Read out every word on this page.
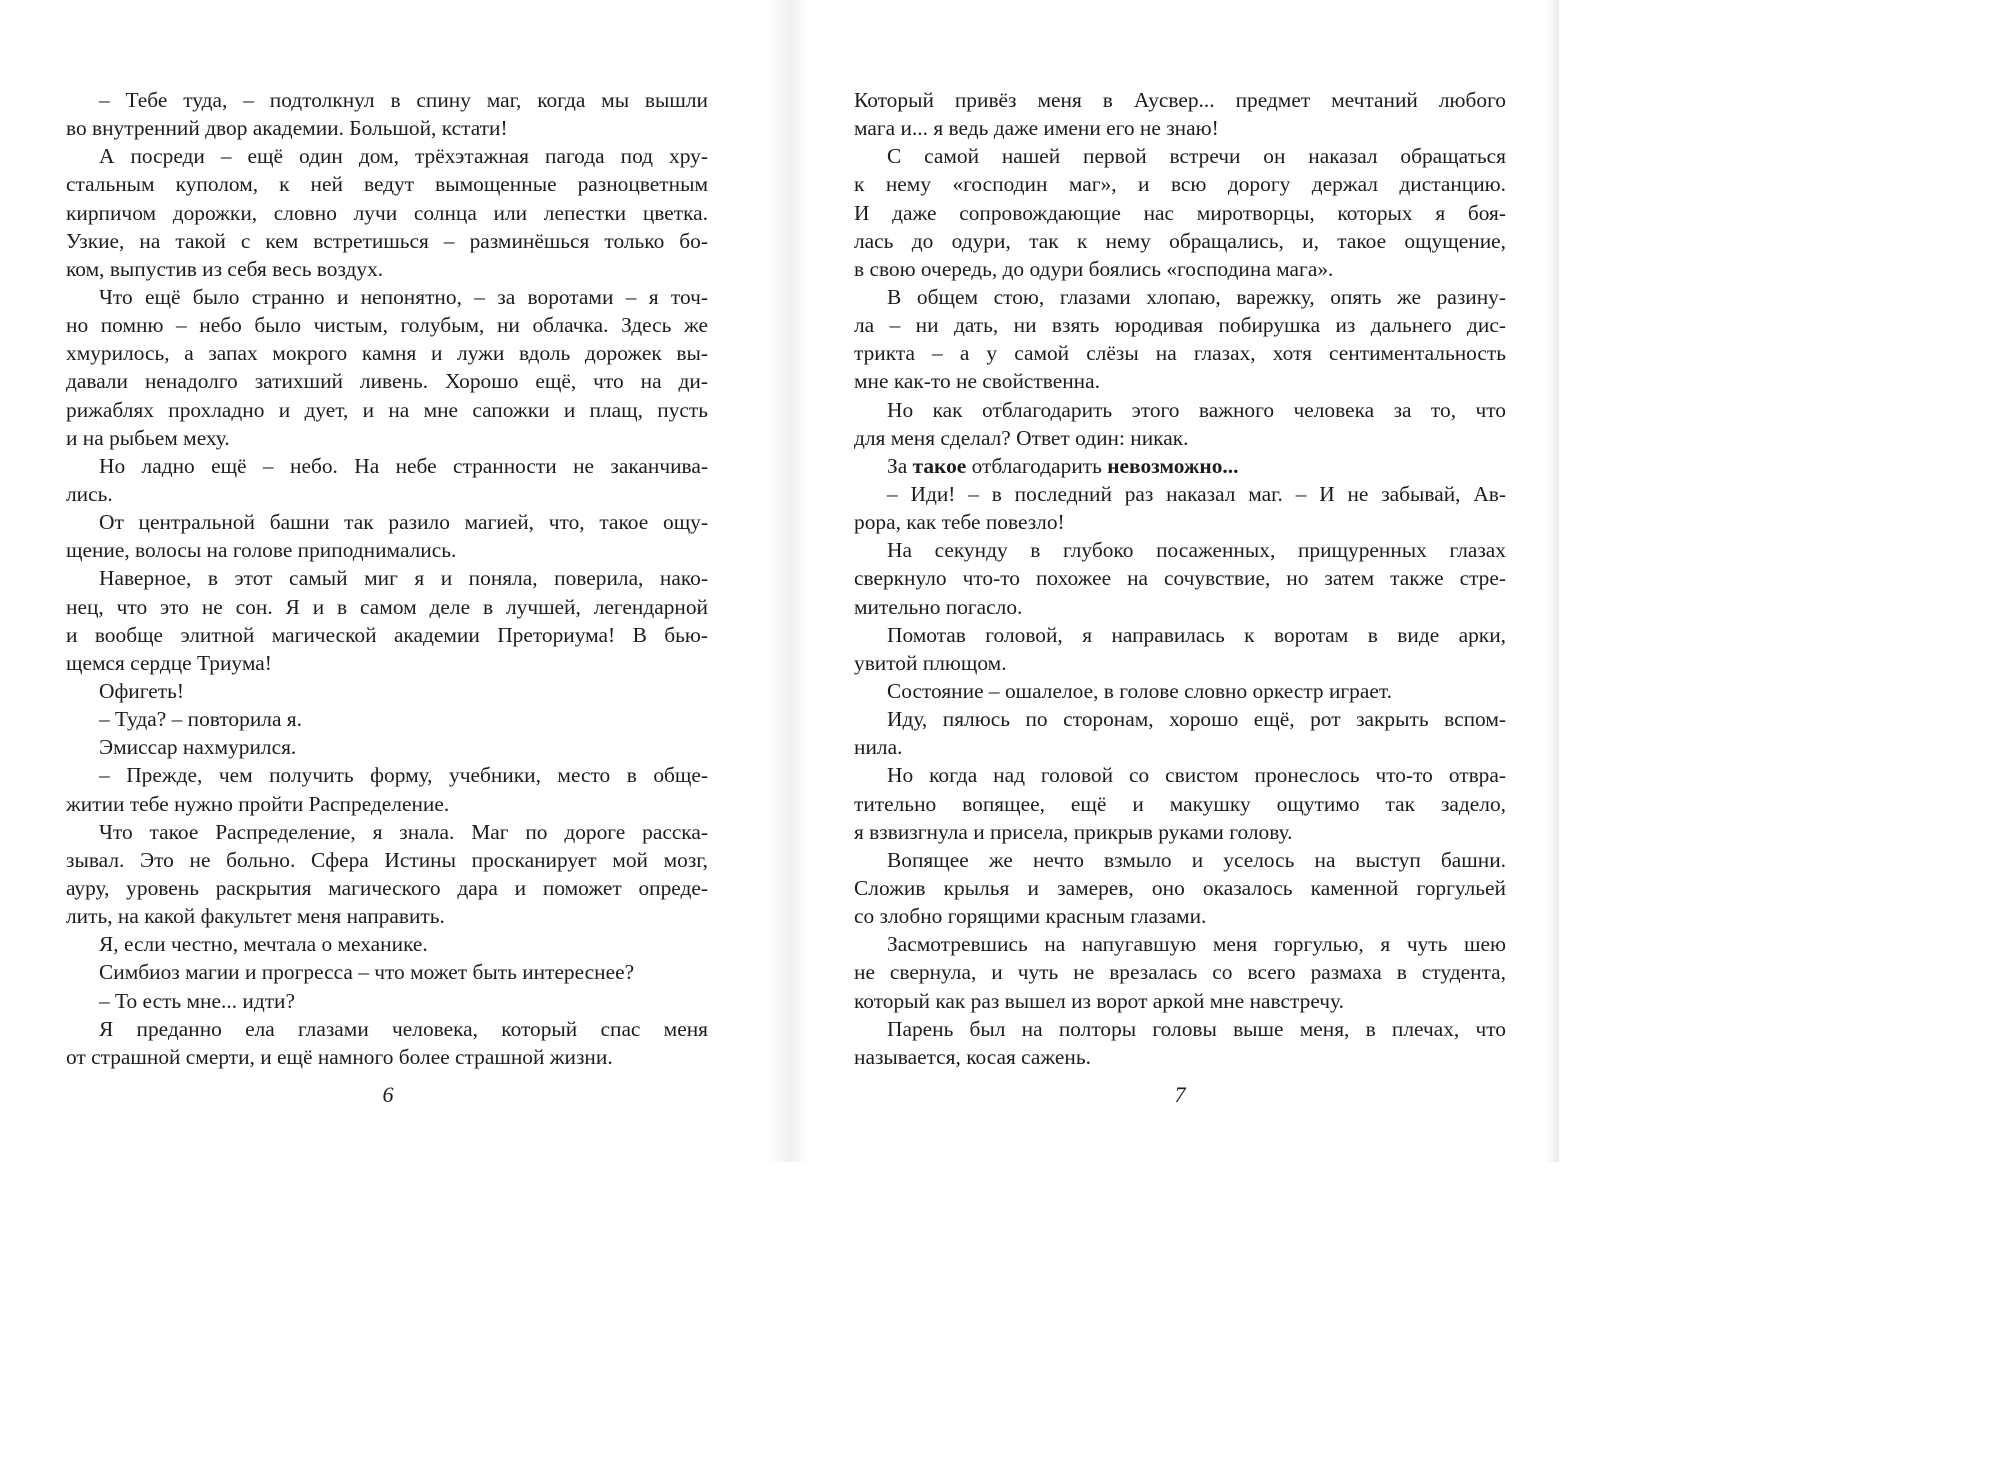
– Тебе туда, – подтолкнул в спину маг, когда мы вышли
во внутренний двор академии. Большой, кстати!
А посреди – ещё один дом, трёхэтажная пагода под хру-
стальным куполом, к ней ведут вымощенные разноцветным
кирпичом дорожки, словно лучи солнца или лепестки цветка.
Узкие, на такой с кем встретишься – разминёшься только бо-
ком, выпустив из себя весь воздух.
Что ещё было странно и непонятно, – за воротами – я точ-
но помню – небо было чистым, голубым, ни облачка. Здесь же
хмурилось, а запах мокрого камня и лужи вдоль дорожек вы-
давали ненадолго затихший ливень. Хорошо ещё, что на ди-
рижаблях прохладно и дует, и на мне сапожки и плащ, пусть
и на рыбьем меху.
Но ладно ещё – небо. На небе странности не заканчива-
лись.
От центральной башни так разило магией, что, такое ощу-
щение, волосы на голове приподнимались.
Наверное, в этот самый миг я и поняла, поверила, нако-
нец, что это не сон. Я и в самом деле в лучшей, легендарной
и вообще элитной магической академии Преториума! В бью-
щемся сердце Триума!
Офигеть!
– Туда? – повторила я.
Эмиссар нахмурился.
– Прежде, чем получить форму, учебники, место в обще-
житии тебе нужно пройти Распределение.
Что такое Распределение, я знала. Маг по дороге расска-
зывал. Это не больно. Сфера Истины просканирует мой мозг,
ауру, уровень раскрытия магического дара и поможет опреде-
лить, на какой факультет меня направить.
Я, если честно, мечтала о механике.
Симбиоз магии и прогресса – что может быть интереснее?
– То есть мне... идти?
Я преданно ела глазами человека, который спас меня
от страшной смерти, и ещё намного более страшной жизни.
6
Который привёз меня в Аусвер... предмет мечтаний любого
мага и... я ведь даже имени его не знаю!
С самой нашей первой встречи он наказал обращаться
к нему «господин маг», и всю дорогу держал дистанцию.
И даже сопровождающие нас миротворцы, которых я боя-
лась до одури, так к нему обращались, и, такое ощущение,
в свою очередь, до одури боялись «господина мага».
В общем стою, глазами хлопаю, варежку, опять же разину-
ла – ни дать, ни взять юродивая побирушка из дальнего дис-
трикта – а у самой слёзы на глазах, хотя сентиментальность
мне как-то не свойственна.
Но как отблагодарить этого важного человека за то, что
для меня сделал? Ответ один: никак.
За такое отблагодарить невозможно...
– Иди! – в последний раз наказал маг. – И не забывай, Ав-
рора, как тебе повезло!
На секунду в глубоко посаженных, прищуренных глазах
сверкнуло что-то похожее на сочувствие, но затем также стре-
мительно погасло.
Помотав головой, я направилась к воротам в виде арки,
увитой плющом.
Состояние – ошалелое, в голове словно оркестр играет.
Иду, пялюсь по сторонам, хорошо ещё, рот закрыть вспом-
нила.
Но когда над головой со свистом пронеслось что-то отвра-
тительно вопящее, ещё и макушку ощутимо так задело,
я взвизгнула и присела, прикрыв руками голову.
Вопящее же нечто взмыло и уселось на выступ башни.
Сложив крылья и замерев, оно оказалось каменной горгульей
со злобно горящими красным глазами.
Засмотревшись на напугавшую меня горгулью, я чуть шею
не свернула, и чуть не врезалась со всего размаха в студента,
который как раз вышел из ворот аркой мне навстречу.
Парень был на полторы головы выше меня, в плечах, что
называется, косая сажень.
7
